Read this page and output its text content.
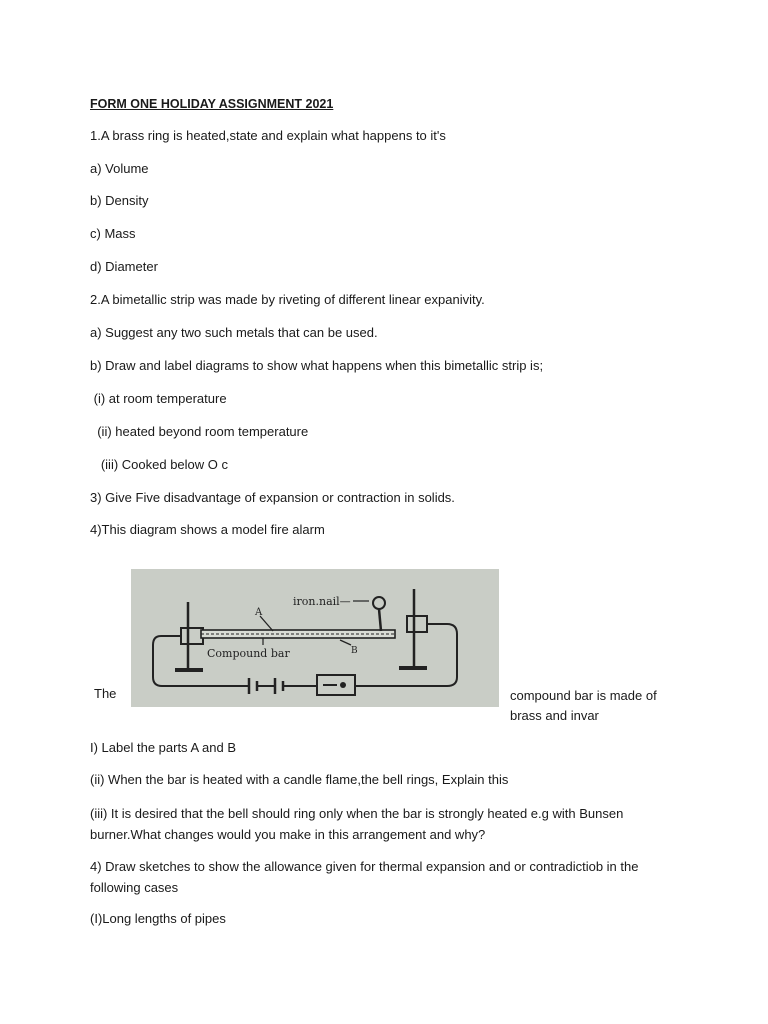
FORM ONE HOLIDAY ASSIGNMENT 2021
1.A brass ring is heated,state and explain what happens to it's
a) Volume
b) Density
c) Mass
d) Diameter
2.A bimetallic strip was made by riveting of different linear expanivity.
a) Suggest any two such metals that can be used.
b) Draw and label diagrams to show what happens when this bimetallic strip is;
(i) at room temperature
(ii) heated beyond room temperature
(iii) Cooked below O c
3) Give Five disadvantage of expansion or contraction in solids.
4)This diagram shows a model fire alarm
iron.nail—
A
B
Compound bar
The	compound bar is made of brass and invar
I) Label the parts A and B
(ii) When the bar is heated with a candle flame,the bell rings, Explain this
(iii) It is desired that the bell should ring only when the bar is strongly heated e.g with Bunsen burner.What changes would you make in this arrangement and why?
4) Draw sketches to show the allowance given for thermal expansion and or contradictiob in the following cases
(I)Long lengths of pipes
